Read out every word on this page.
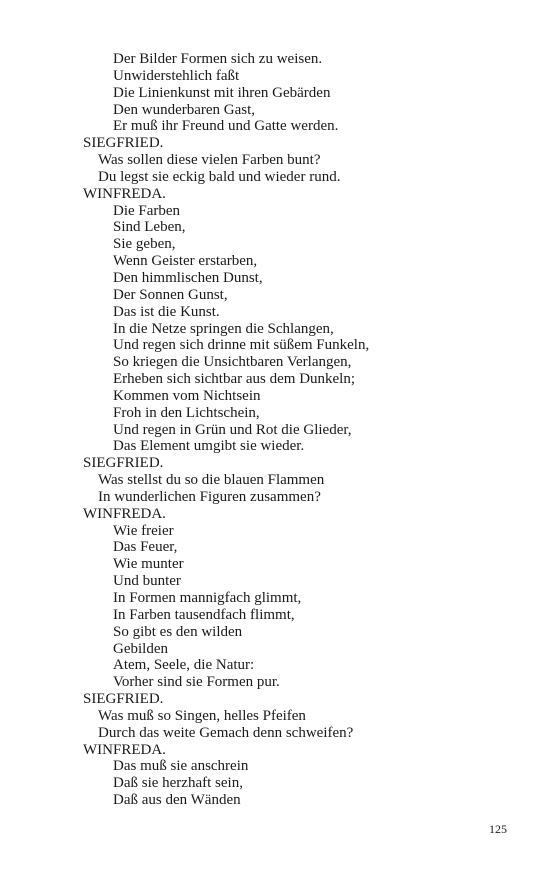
Der Bilder Formen sich zu weisen.
Unwiderstehlich faßt
Die Linienkunst mit ihren Gebärden
Den wunderbaren Gast,
Er muß ihr Freund und Gatte werden.
SIEGFRIED.
Was sollen diese vielen Farben bunt?
Du legst sie eckig bald und wieder rund.
WINFREDA.
Die Farben
Sind Leben,
Sie geben,
Wenn Geister erstarben,
Den himmlischen Dunst,
Der Sonnen Gunst,
Das ist die Kunst.
In die Netze springen die Schlangen,
Und regen sich drinne mit süßem Funkeln,
So kriegen die Unsichtbaren Verlangen,
Erheben sich sichtbar aus dem Dunkeln;
Kommen vom Nichtsein
Froh in den Lichtschein,
Und regen in Grün und Rot die Glieder,
Das Element umgibt sie wieder.
SIEGFRIED.
Was stellst du so die blauen Flammen
In wunderlichen Figuren zusammen?
WINFREDA.
Wie freier
Das Feuer,
Wie munter
Und bunter
In Formen mannigfach glimmt,
In Farben tausendfach flimmt,
So gibt es den wilden
Gebilden
Atem, Seele, die Natur:
Vorher sind sie Formen pur.
SIEGFRIED.
Was muß so Singen, helles Pfeifen
Durch das weite Gemach denn schweifen?
WINFREDA.
Das muß sie anschrein
Daß sie herzhaft sein,
Daß aus den Wänden
125
